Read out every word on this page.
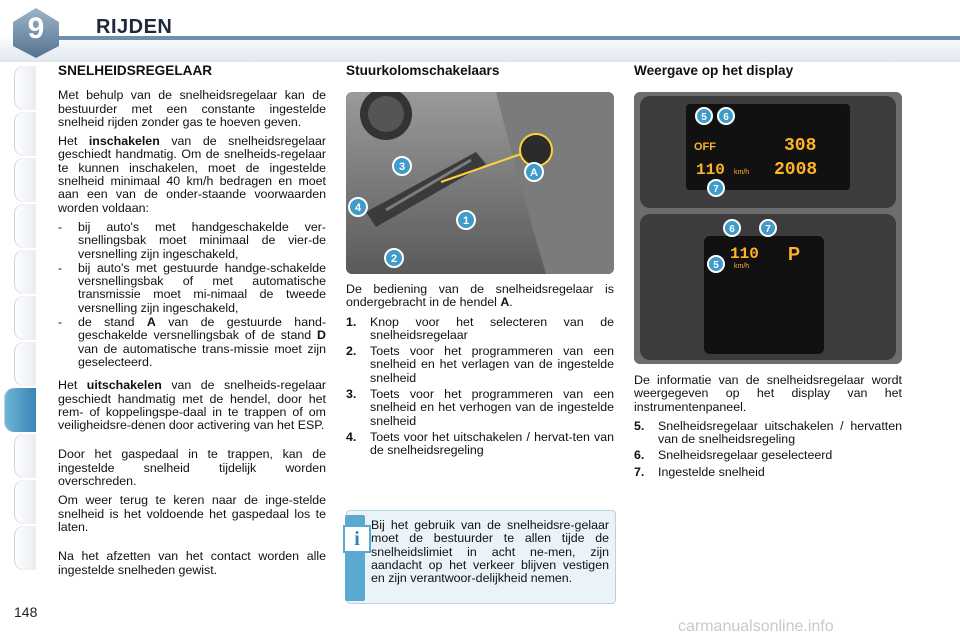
9	RIJDEN
SNELHEIDSREGELAAR

Met behulp van de snelheidsregelaar kan de bestuurder met een constante ingestelde snelheid rijden zonder gas te hoeven geven.

Het inschakelen van de snelheidsregelaar geschiedt handmatig. Om de snelheids-regelaar te kunnen inschakelen, moet de ingestelde snelheid minimaal 40 km/h bedragen en moet aan een van de onder-staande voorwaarden worden voldaan:

- bij auto's met handgeschakelde ver-snellingsbak moet minimaal de vier-de versnelling zijn ingeschakeld,
- bij auto's met gestuurde handge-schakelde versnellingsbak of met automatische transmissie moet mi-nimaal de tweede versnelling zijn ingeschakeld,
- de stand A van de gestuurde hand-geschakelde versnellingsbak of de stand D van de automatische trans-missie moet zijn geselecteerd.

Het uitschakelen van de snelheids-regelaar geschiedt handmatig met de hendel, door het rem- of koppelingspe-daal in te trappen of om veiligheidsre-denen door activering van het ESP.

Door het gaspedaal in te trappen, kan de ingestelde snelheid tijdelijk worden overschreden.

Om weer terug te keren naar de inge-stelde snelheid is het voldoende het gaspedaal los te laten.

Na het afzetten van het contact worden alle ingestelde snelheden gewist.

Stuurkolomschakelaars
3
4
1
2
A

De bediening van de snelheidsregelaar is ondergebracht in de hendel A.

1. Knop voor het selecteren van de snelheidsregelaar
2. Toets voor het programmeren van een snelheid en het verlagen van de ingestelde snelheid
3. Toets voor het programmeren van een snelheid en het verhogen van de ingestelde snelheid
4. Toets voor het uitschakelen / hervat-ten van de snelheidsregeling
i
Bij het gebruik van de snelheidsre-gelaar moet de bestuurder te allen tijde de snelheidslimiet in acht ne-men, zijn aandacht op het verkeer blijven vestigen en zijn verantwoor-delijkheid nemen.
Weergave op het display
OFF	308
2008
110 km/h
5 6
7
110
km/h
P
6	7
5

De informatie van de snelheidsregelaar wordt weergegeven op het display van het instrumentenpaneel.

5. Snelheidsregelaar uitschakelen / hervatten van de snelheidsregeling
6. Snelheidsregelaar geselecteerd
7. Ingestelde snelheid
148
carmanualsonline.info
